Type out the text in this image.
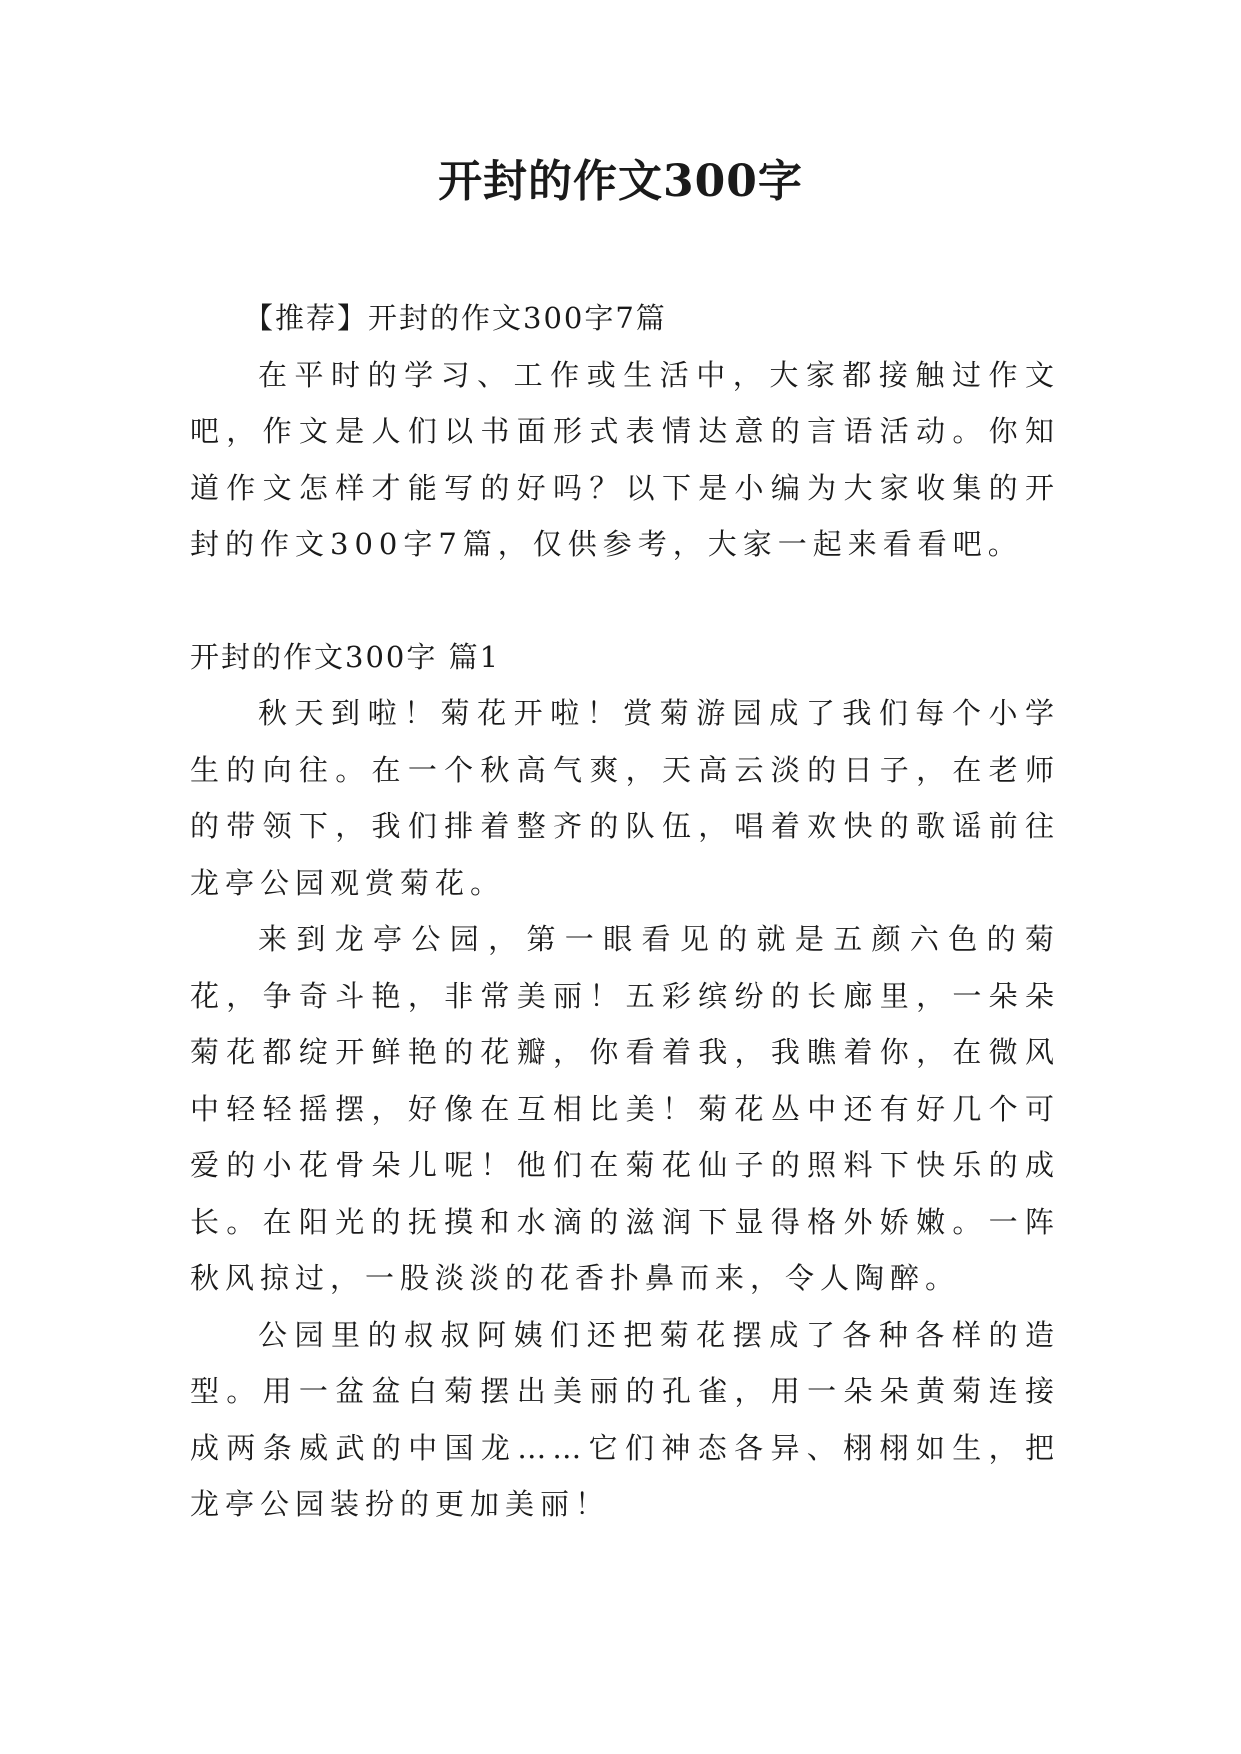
开封的作文300字

【推荐】开封的作文300字7篇

在平时的学习、工作或生活中，大家都接触过作文吧，作文是人们以书面形式表情达意的言语活动。你知道作文怎样才能写的好吗？以下是小编为大家收集的开封的作文300字7篇，仅供参考，大家一起来看看吧。

开封的作文300字 篇1

秋天到啦！菊花开啦！赏菊游园成了我们每个小学生的向往。在一个秋高气爽，天高云淡的日子，在老师的带领下，我们排着整齐的队伍，唱着欢快的歌谣前往龙亭公园观赏菊花。

来到龙亭公园，第一眼看见的就是五颜六色的菊花，争奇斗艳，非常美丽！五彩缤纷的长廊里，一朵朵菊花都绽开鲜艳的花瓣，你看着我，我瞧着你，在微风中轻轻摇摆，好像在互相比美！菊花丛中还有好几个可爱的小花骨朵儿呢！他们在菊花仙子的照料下快乐的成长。在阳光的抚摸和水滴的滋润下显得格外娇嫩。一阵秋风掠过，一股淡淡的花香扑鼻而来，令人陶醉。

公园里的叔叔阿姨们还把菊花摆成了各种各样的造型。用一盆盆白菊摆出美丽的孔雀，用一朵朵黄菊连接成两条威武的中国龙……它们神态各异、栩栩如生，把龙亭公园装扮的更加美丽！
